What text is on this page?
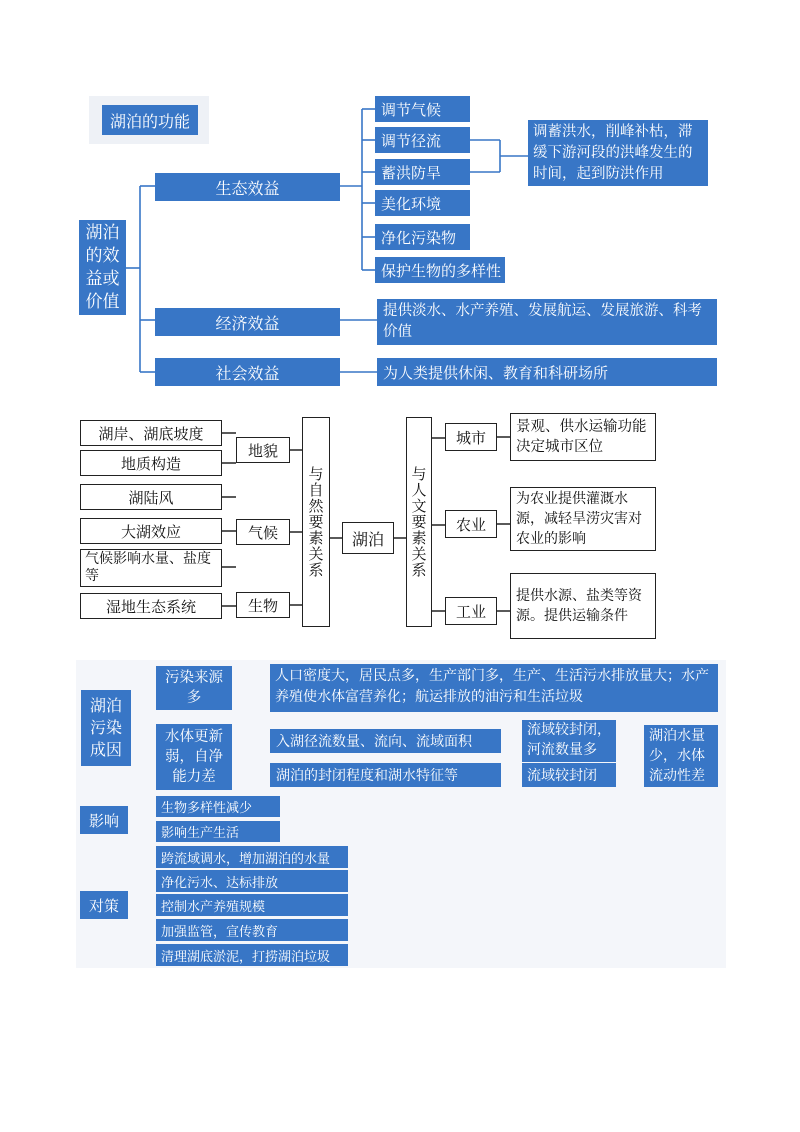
湖泊的功能
湖泊的效益或价值
生态效益
经济效益
社会效益
调节气候
调节径流
蓄洪防旱
美化环境
净化污染物
保护生物的多样性
调蓄洪水，削峰补枯，滞缓下游河段的洪峰发生的时间，起到防洪作用
提供淡水、水产养殖、发展航运、发展旅游、科考价值
为人类提供休闲、教育和科研场所
湖岸、湖底坡度
地质构造
湖陆风
大湖效应
气候影响水量、盐度等
湿地生态系统
地貌
气候
生物
与自然要素关系	湖泊	与人文要素关系
城市
农业
工业
景观、供水运输功能决定城市区位
为农业提供灌溉水源，减轻旱涝灾害对农业的影响
提供水源、盐类等资源。提供运输条件
湖泊污染成因
污染来源多
人口密度大，居民点多，生产部门多，生产、生活污水排放量大；水产养殖使水体富营养化；航运排放的油污和生活垃圾
水体更新弱，自净能力差
入湖径流数量、流向、流域面积
湖泊的封闭程度和湖水特征等
流域较封闭，河流数量多
流域较封闭
湖泊水量少，水体流动性差
影响
生物多样性减少
影响生产生活
对策
跨流域调水，增加湖泊的水量
净化污水、达标排放
控制水产养殖规模
加强监管，宣传教育
清理湖底淤泥，打捞湖泊垃圾
